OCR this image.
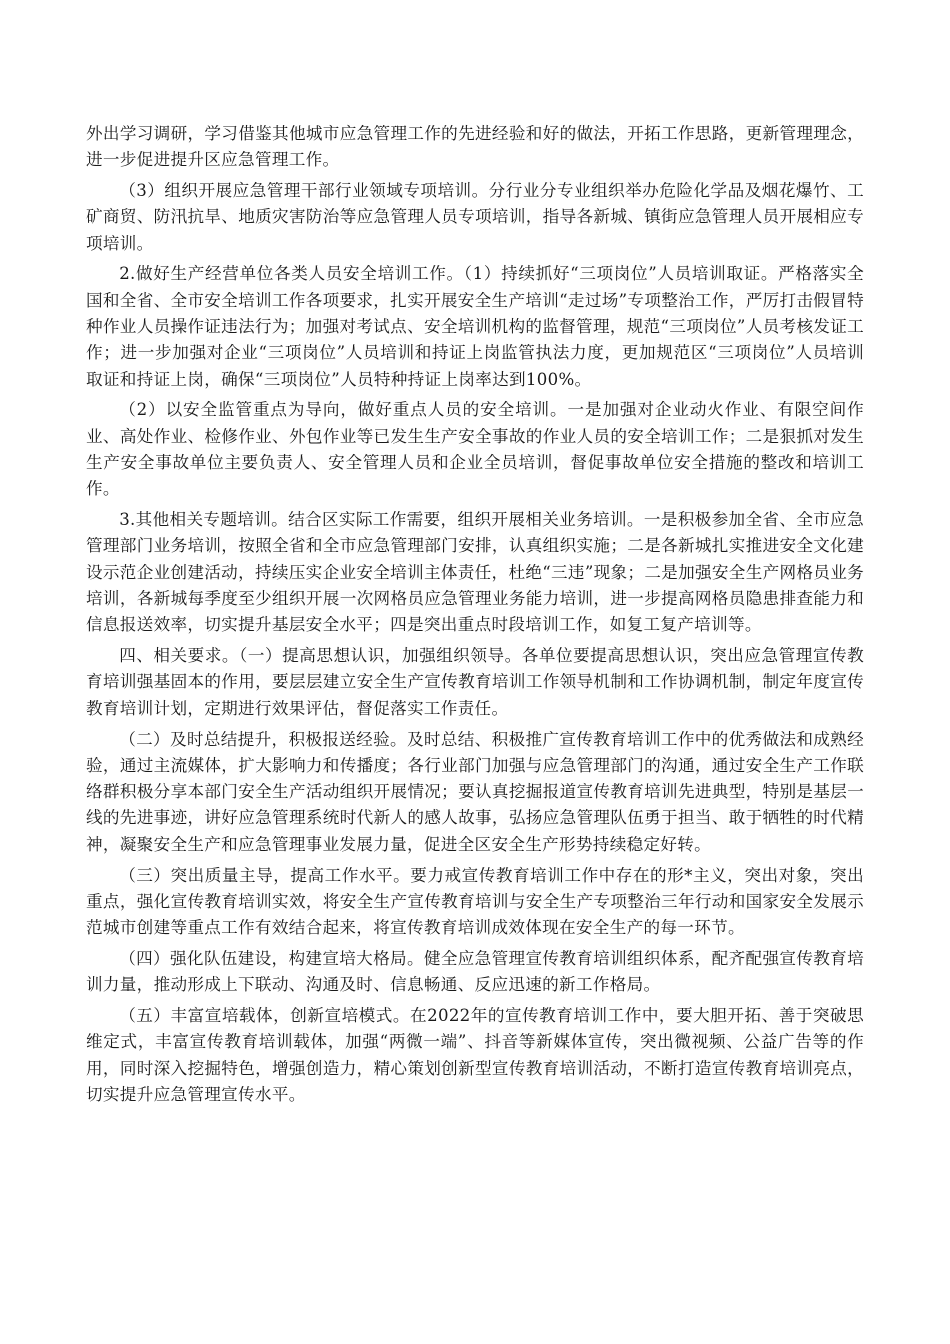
外出学习调研，学习借鉴其他城市应急管理工作的先进经验和好的做法，开拓工作思路，更新管理理念，进一步促进提升区应急管理工作。

（3）组织开展应急管理干部行业领域专项培训。分行业分专业组织举办危险化学品及烟花爆竹、工矿商贸、防汛抗旱、地质灾害防治等应急管理人员专项培训，指导各新城、镇街应急管理人员开展相应专项培训。

2.做好生产经营单位各类人员安全培训工作。（1）持续抓好“三项岗位”人员培训取证。严格落实全国和全省、全市安全培训工作各项要求，扎实开展安全生产培训“走过场”专项整治工作，严厉打击假冒特种作业人员操作证违法行为；加强对考试点、安全培训机构的监督管理，规范“三项岗位”人员考核发证工作；进一步加强对企业“三项岗位”人员培训和持证上岗监管执法力度，更加规范区“三项岗位”人员培训取证和持证上岗，确保“三项岗位”人员特种持证上岗率达到100%。

（2）以安全监管重点为导向，做好重点人员的安全培训。一是加强对企业动火作业、有限空间作业、高处作业、检修作业、外包作业等已发生生产安全事故的作业人员的安全培训工作；二是狠抓对发生生产安全事故单位主要负责人、安全管理人员和企业全员培训，督促事故单位安全措施的整改和培训工作。

3.其他相关专题培训。结合区实际工作需要，组织开展相关业务培训。一是积极参加全省、全市应急管理部门业务培训，按照全省和全市应急管理部门安排，认真组织实施；二是各新城扎实推进安全文化建设示范企业创建活动，持续压实企业安全培训主体责任，杜绝“三违”现象；二是加强安全生产网格员业务培训，各新城每季度至少组织开展一次网格员应急管理业务能力培训，进一步提高网格员隐患排查能力和信息报送效率，切实提升基层安全水平；四是突出重点时段培训工作，如复工复产培训等。

四、相关要求。（一）提高思想认识，加强组织领导。各单位要提高思想认识，突出应急管理宣传教育培训强基固本的作用，要层层建立安全生产宣传教育培训工作领导机制和工作协调机制，制定年度宣传教育培训计划，定期进行效果评估，督促落实工作责任。

（二）及时总结提升，积极报送经验。及时总结、积极推广宣传教育培训工作中的优秀做法和成熟经验，通过主流媒体，扩大影响力和传播度；各行业部门加强与应急管理部门的沟通，通过安全生产工作联络群积极分享本部门安全生产活动组织开展情况；要认真挖掘报道宣传教育培训先进典型，特别是基层一线的先进事迹，讲好应急管理系统时代新人的感人故事，弘扬应急管理队伍勇于担当、敢于牺牲的时代精神，凝聚安全生产和应急管理事业发展力量，促进全区安全生产形势持续稳定好转。

（三）突出质量主导，提高工作水平。要力戒宣传教育培训工作中存在的形*主义，突出对象，突出重点，强化宣传教育培训实效，将安全生产宣传教育培训与安全生产专项整治三年行动和国家安全发展示范城市创建等重点工作有效结合起来，将宣传教育培训成效体现在安全生产的每一环节。

（四）强化队伍建设，构建宣培大格局。健全应急管理宣传教育培训组织体系，配齐配强宣传教育培训力量，推动形成上下联动、沟通及时、信息畅通、反应迅速的新工作格局。

（五）丰富宣培载体，创新宣培模式。在2022年的宣传教育培训工作中，要大胆开拓、善于突破思维定式，丰富宣传教育培训载体，加强“两微一端”、抖音等新媒体宣传，突出微视频、公益广告等的作用，同时深入挖掘特色，增强创造力，精心策划创新型宣传教育培训活动，不断打造宣传教育培训亮点，切实提升应急管理宣传水平。
